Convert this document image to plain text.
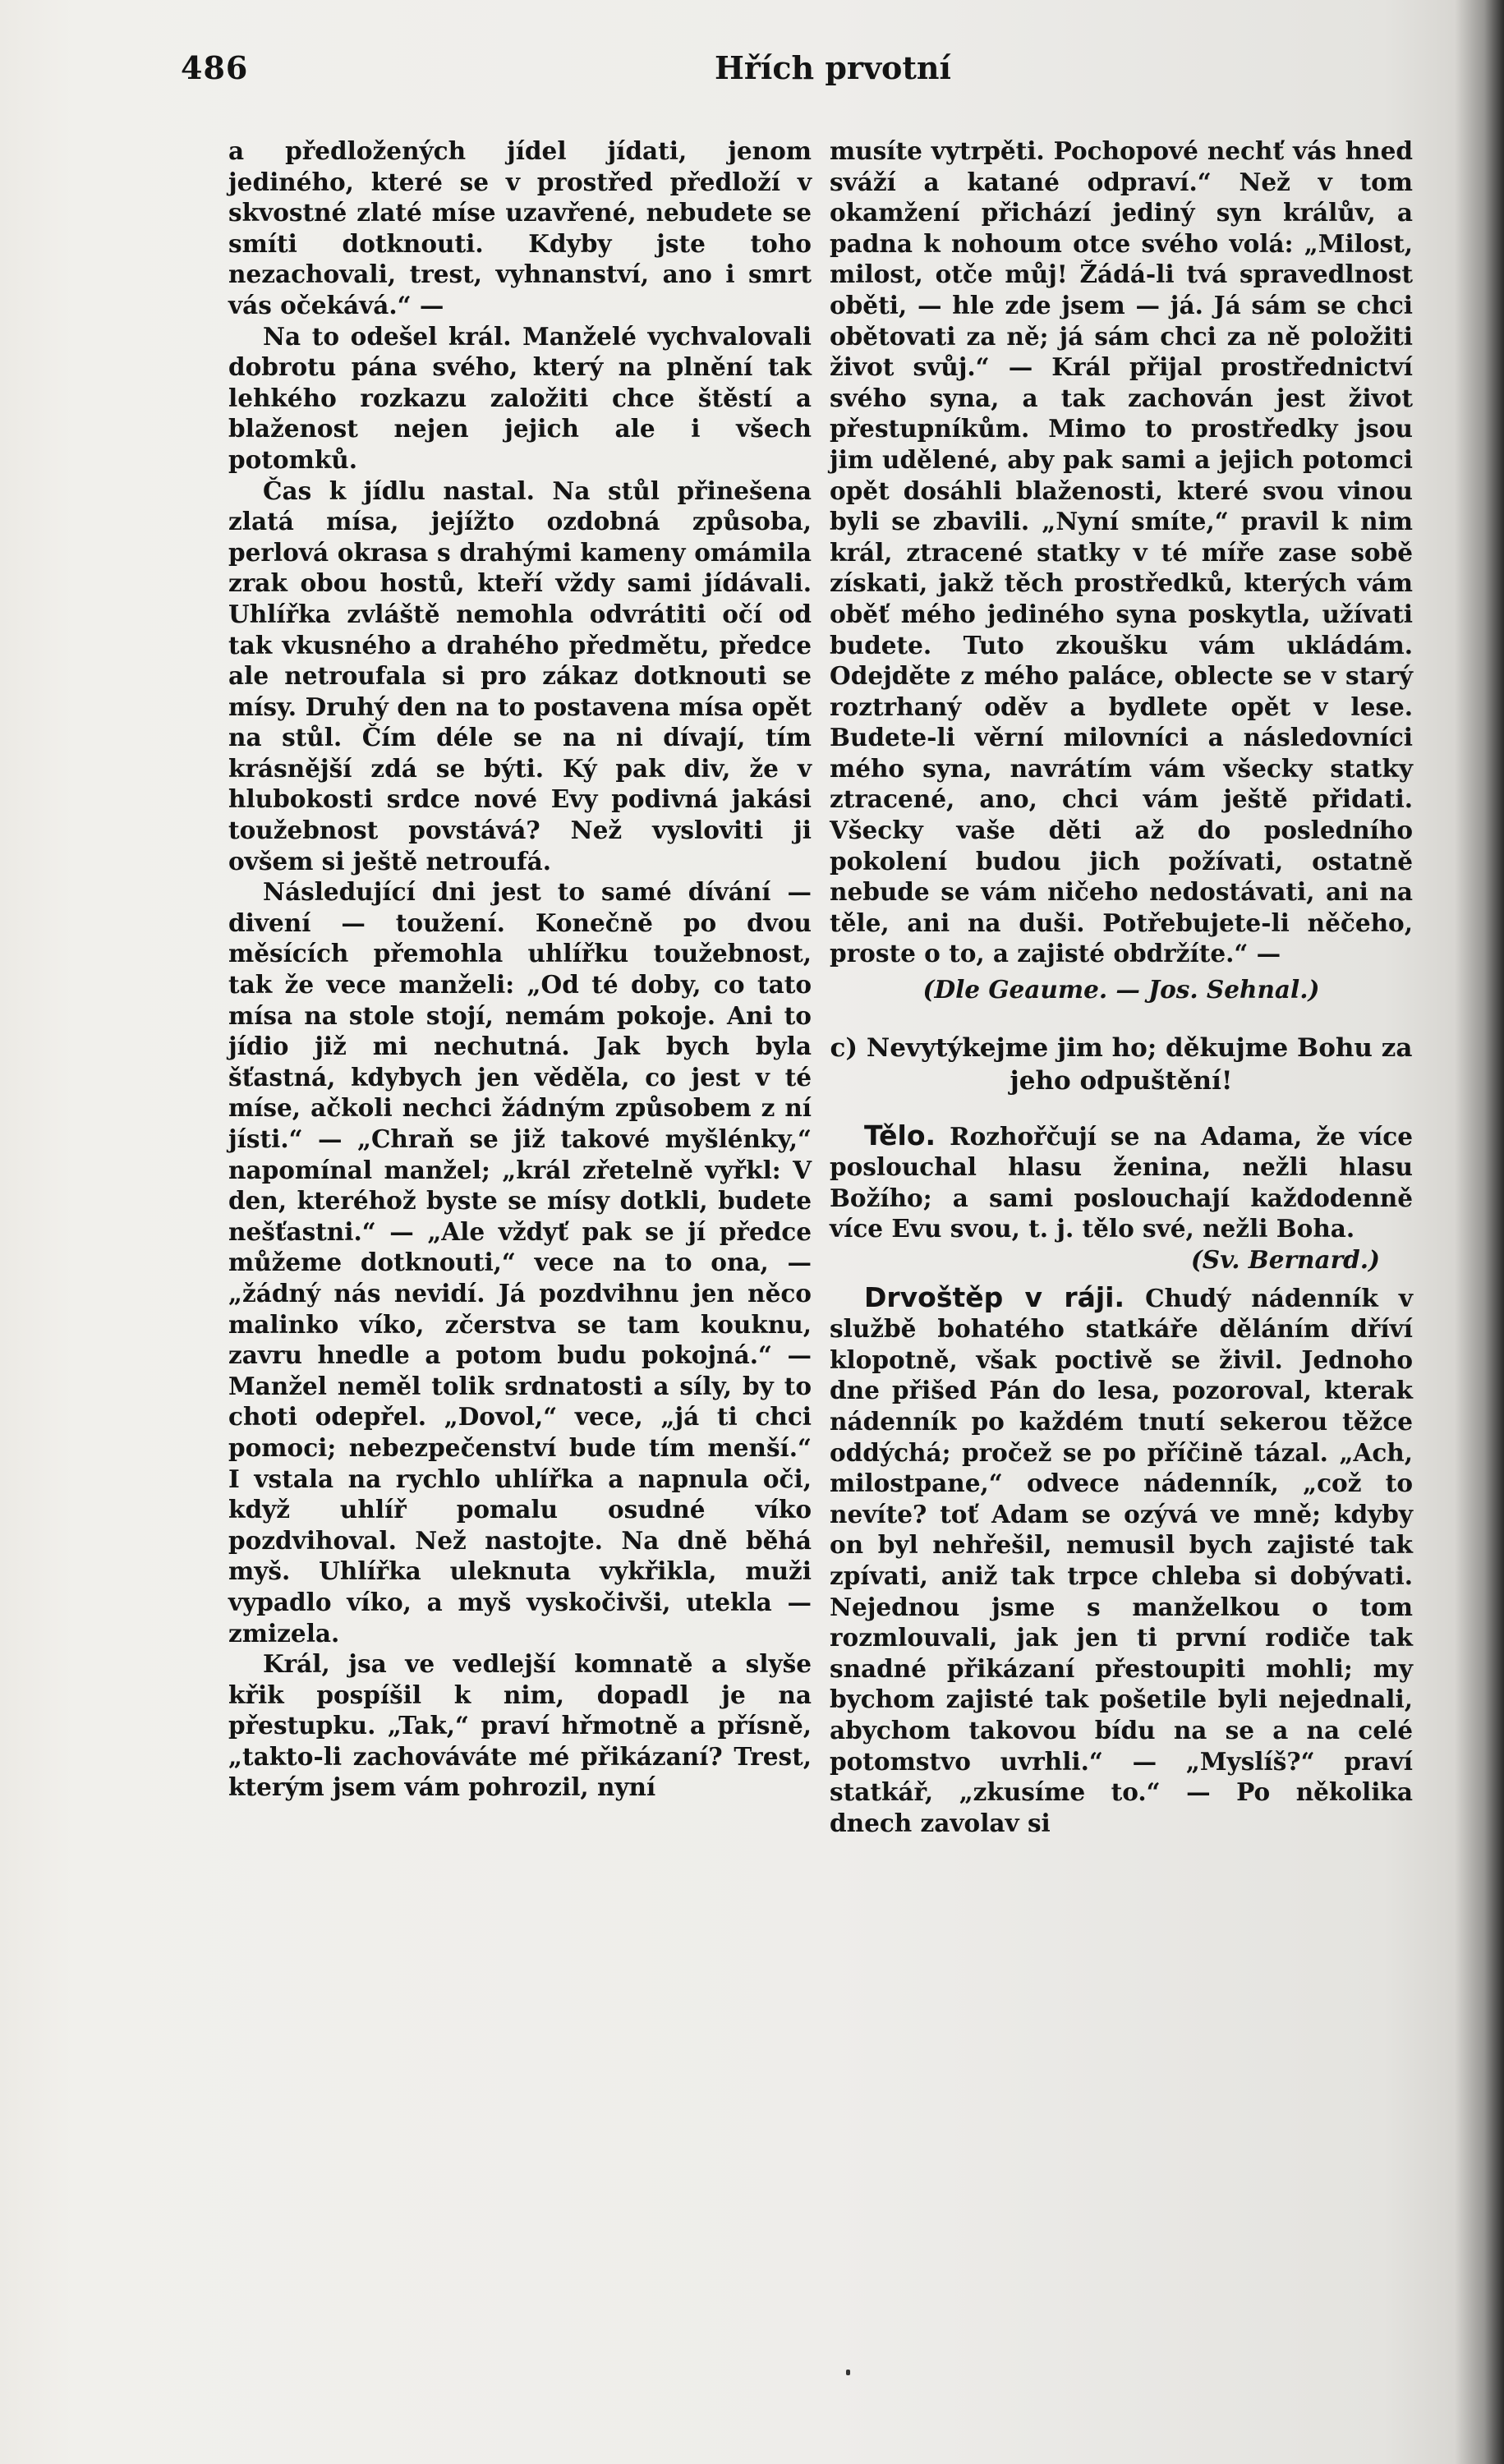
486	Hřích prvotní

a předložených jídel jídati, jenom jediného, které se v prostřed předloží v skvostné zlaté míse uzavřené, nebudete se smíti dotknouti. Kdyby jste toho nezachovali, trest, vyhnanství, ano i smrt vás očekává.“ —

Na to odešel král. Manželé vychvalovali dobrotu pána svého, který na plnění tak lehkého rozkazu založiti chce štěstí a blaženost nejen jejich ale i všech potomků.

Čas k jídlu nastal. Na stůl přinešena zlatá mísa, jejížto ozdobná způsoba, perlová okrasa s drahými kameny omámila zrak obou hostů, kteří vždy sami jídávali. Uhlířka zvláště nemohla odvrátiti očí od tak vkusného a drahého předmětu, předce ale netroufala si pro zákaz dotknouti se mísy. Druhý den na to postavena mísa opět na stůl. Čím déle se na ni dívají, tím krásnější zdá se býti. Ký pak div, že v hlubokosti srdce nové Evy podivná jakási toužebnost povstává? Než vysloviti ji ovšem si ještě netroufá.

Následující dni jest to samé dívání — divení — toužení. Konečně po dvou měsících přemohla uhlířku toužebnost, tak že vece manželi: „Od té doby, co tato mísa na stole stojí, nemám pokoje. Ani to jídio již mi nechutná. Jak bych byla šťastná, kdybych jen věděla, co jest v té míse, ačkoli nechci žádným způsobem z ní jísti.“ — „Chraň se již takové myšlénky,“ napomínal manžel; „král zřetelně vyřkl: V den, kteréhož byste se mísy dotkli, budete nešťastni.“ — „Ale vždyť pak se jí předce můžeme dotknouti,“ vece na to ona, — „žádný nás nevidí. Já pozdvihnu jen něco malinko víko, zčerstva se tam kouknu, zavru hnedle a potom budu pokojná.“ — Manžel neměl tolik srdnatosti a síly, by to choti odepřel. „Dovol,“ vece, „já ti chci pomoci; nebezpečenství bude tím menší.“ I vstala na rychlo uhlířka a napnula oči, když uhlíř pomalu osudné víko pozdvihoval. Než nastojte. Na dně běhá myš. Uhlířka uleknuta vykřikla, muži vypadlo víko, a myš vyskočivši, utekla — zmizela.

Král, jsa ve vedlejší komnatě a slyše křik pospíšil k nim, dopadl je na přestupku. „Tak,“ praví hřmotně a přísně, „takto-li zachováváte mé přikázaní? Trest, kterým jsem vám pohrozil, nyní

musíte vytrpěti. Pochopové nechť vás hned sváží a katané odpraví.“ Než v tom okamžení přichází jediný syn králův, a padna k nohoum otce svého volá: „Milost, milost, otče můj! Žádá-li tvá spravedlnost oběti, — hle zde jsem — já. Já sám se chci obětovati za ně; já sám chci za ně položiti život svůj.“ — Král přijal prostřednictví svého syna, a tak zachován jest život přestupníkům. Mimo to prostředky jsou jim udělené, aby pak sami a jejich potomci opět dosáhli blaženosti, které svou vinou byli se zbavili. „Nyní smíte,“ pravil k nim král, ztracené statky v té míře zase sobě získati, jakž těch prostředků, kterých vám oběť mého jediného syna poskytla, užívati budete. Tuto zkoušku vám ukládám. Odejděte z mého paláce, oblecte se v starý roztrhaný oděv a bydlete opět v lese. Budete-li věrní milovníci a následovníci mého syna, navrátím vám všecky statky ztracené, ano, chci vám ještě přidati. Všecky vaše děti až do posledního pokolení budou jich požívati, ostatně nebude se vám ničeho nedostávati, ani na těle, ani na duši. Potřebujete-li něčeho, proste o to, a zajisté obdržíte.“ —

(Dle Geaume. — Jos. Sehnal.)
c) Nevytýkejme jim ho; děkujme Bohu za jeho odpuštění!

Tělo. Rozhořčují se na Adama, že více poslouchal hlasu ženina, nežli hlasu Božího; a sami poslouchají každodenně více Evu svou, t. j. tělo své, nežli Boha.

(Sv. Bernard.)

Drvoštěp v ráji. Chudý nádenník v službě bohatého statkáře děláním dříví klopotně, však poctivě se živil. Jednoho dne přišed Pán do lesa, pozoroval, kterak nádenník po každém tnutí sekerou těžce oddýchá; pročež se po příčině tázal. „Ach, milostpane,“ odvece nádenník, „což to nevíte? toť Adam se ozývá ve mně; kdyby on byl nehřešil, nemusil bych zajisté tak zpívati, aniž tak trpce chleba si dobývati. Nejednou jsme s manželkou o tom rozmlouvali, jak jen ti první rodiče tak snadné přikázaní přestoupiti mohli; my bychom zajisté tak pošetile byli nejednali, abychom takovou bídu na se a na celé potomstvo uvrhli.“ — „Myslíš?“ praví statkář, „zkusíme to.“ — Po několika dnech zavolav si
